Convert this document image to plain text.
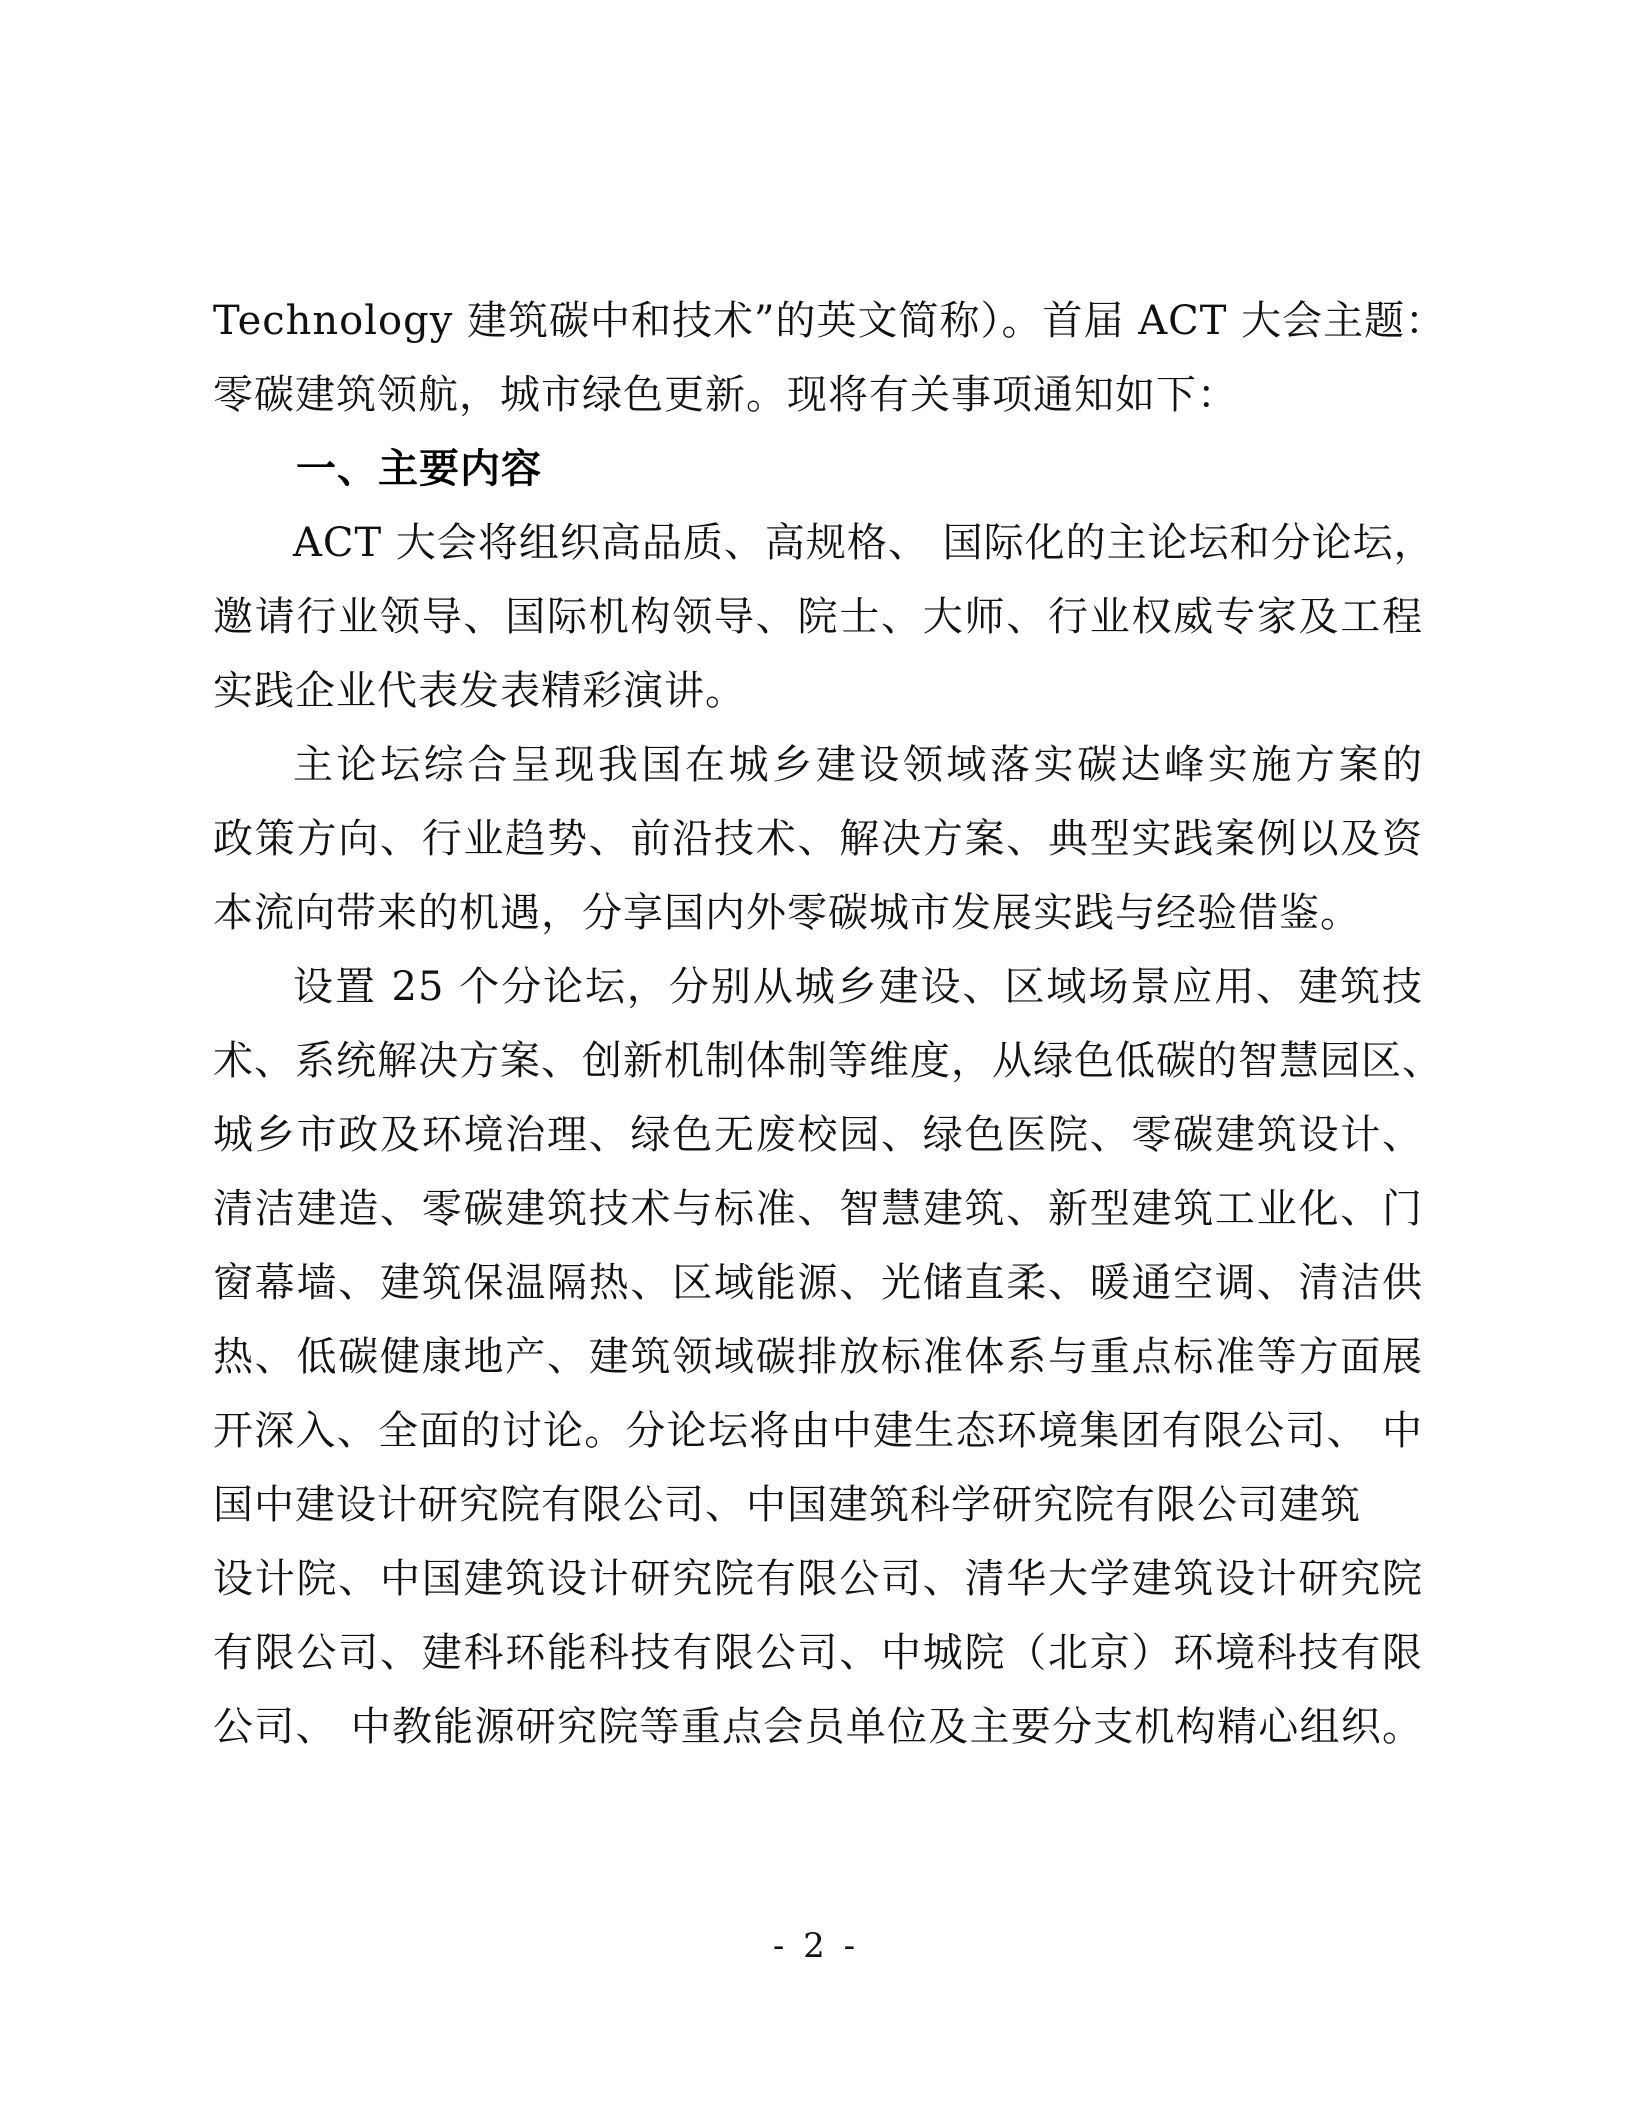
Technology 建筑碳中和技术”的英文简称）。首届 ACT 大会主题：
零碳建筑领航，城市绿色更新。现将有关事项通知如下：
一、主要内容
ACT 大会将组织高品质、高规格、 国际化的主论坛和分论坛，
邀请行业领导、国际机构领导、院士、大师、行业权威专家及工程
实践企业代表发表精彩演讲。
主论坛综合呈现我国在城乡建设领域落实碳达峰实施方案的
政策方向、行业趋势、前沿技术、解决方案、典型实践案例以及资
本流向带来的机遇，分享国内外零碳城市发展实践与经验借鉴。
设置 25 个分论坛，分别从城乡建设、区域场景应用、建筑技
术、系统解决方案、创新机制体制等维度，从绿色低碳的智慧园区、
城乡市政及环境治理、绿色无废校园、绿色医院、零碳建筑设计、
清洁建造、零碳建筑技术与标准、智慧建筑、新型建筑工业化、门
窗幕墙、建筑保温隔热、区域能源、光储直柔、暖通空调、清洁供
热、低碳健康地产、建筑领域碳排放标准体系与重点标准等方面展
开深入、全面的讨论。分论坛将由中建生态环境集团有限公司、 中
国中建设计研究院有限公司、中国建筑科学研究院有限公司建筑
设计院、中国建筑设计研究院有限公司、清华大学建筑设计研究院
有限公司、建科环能科技有限公司、中城院（北京）环境科技有限
公司、 中教能源研究院等重点会员单位及主要分支机构精心组织。
- 2 -
